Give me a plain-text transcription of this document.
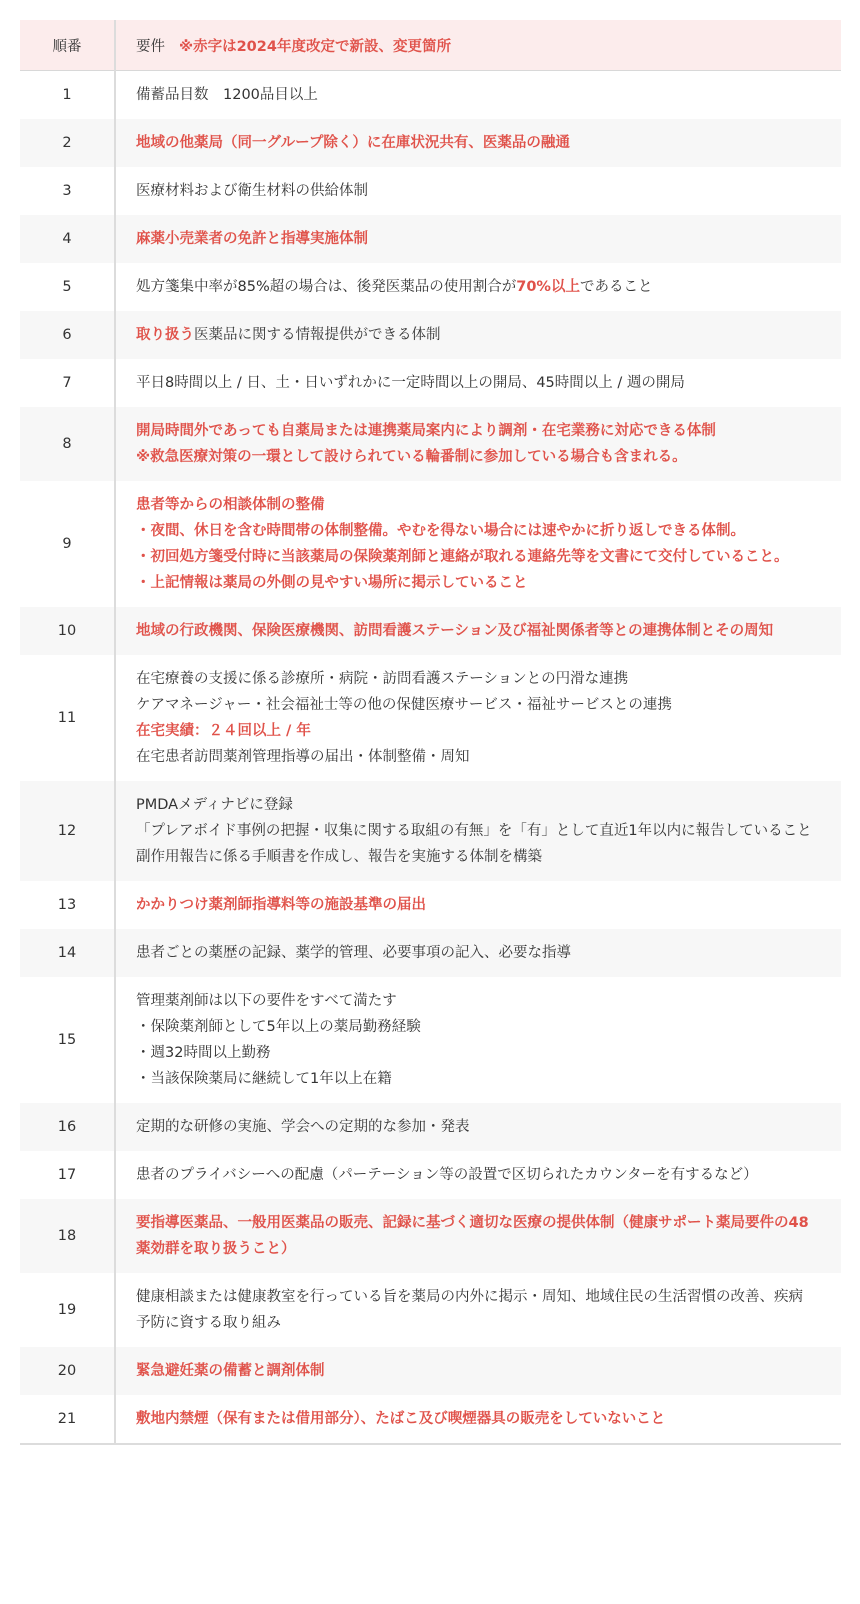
順番	要件 ※赤字は2024年度改定で新設、変更箇所
1	備蓄品目数　1200品目以上

2	地域の他薬局（同一グループ除く）に在庫状況共有、医薬品の融通

3	医療材料および衛生材料の供給体制

4	麻薬小売業者の免許と指導実施体制

5	処方箋集中率が85%超の場合は、後発医薬品の使用割合が70%以上であること

6	取り扱う医薬品に関する情報提供ができる体制

7	平日8時間以上 / 日、土・日いずれかに一定時間以上の開局、45時間以上 / 週の開局

8	開局時間外であっても自薬局または連携薬局案内により調剤・在宅業務に対応できる体制
※救急医療対策の一環として設けられている輪番制に参加している場合も含まれる。

9	患者等からの相談体制の整備
・夜間、休日を含む時間帯の体制整備。やむを得ない場合には速やかに折り返しできる体制。
・初回処方箋受付時に当該薬局の保険薬剤師と連絡が取れる連絡先等を文書にて交付していること。
・上記情報は薬局の外側の見やすい場所に掲示していること

10	地域の行政機関、保険医療機関、訪問看護ステーション及び福祉関係者等との連携体制とその周知

11	在宅療養の支援に係る診療所・病院・訪問看護ステーションとの円滑な連携
ケアマネージャー・社会福祉士等の他の保健医療サービス・福祉サービスとの連携
在宅実績：２４回以上 / 年
在宅患者訪問薬剤管理指導の届出・体制整備・周知

12	PMDAメディナビに登録
「プレアボイド事例の把握・収集に関する取組の有無」を「有」として直近1年以内に報告していること
副作用報告に係る手順書を作成し、報告を実施する体制を構築

13	かかりつけ薬剤師指導料等の施設基準の届出

14	患者ごとの薬歴の記録、薬学的管理、必要事項の記入、必要な指導

15	管理薬剤師は以下の要件をすべて満たす
・保険薬剤師として5年以上の薬局勤務経験
・週32時間以上勤務
・当該保険薬局に継続して1年以上在籍

16	定期的な研修の実施、学会への定期的な参加・発表

17	患者のプライバシーへの配慮（パーテーション等の設置で区切られたカウンターを有するなど）

18	要指導医薬品、一般用医薬品の販売、記録に基づく適切な医療の提供体制（健康サポート薬局要件の48薬効群を取り扱うこと）

19	健康相談または健康教室を行っている旨を薬局の内外に掲示・周知、地域住民の生活習慣の改善、疾病予防に資する取り組み

20	緊急避妊薬の備蓄と調剤体制

21	敷地内禁煙（保有または借用部分）、たばこ及び喫煙器具の販売をしていないこと
